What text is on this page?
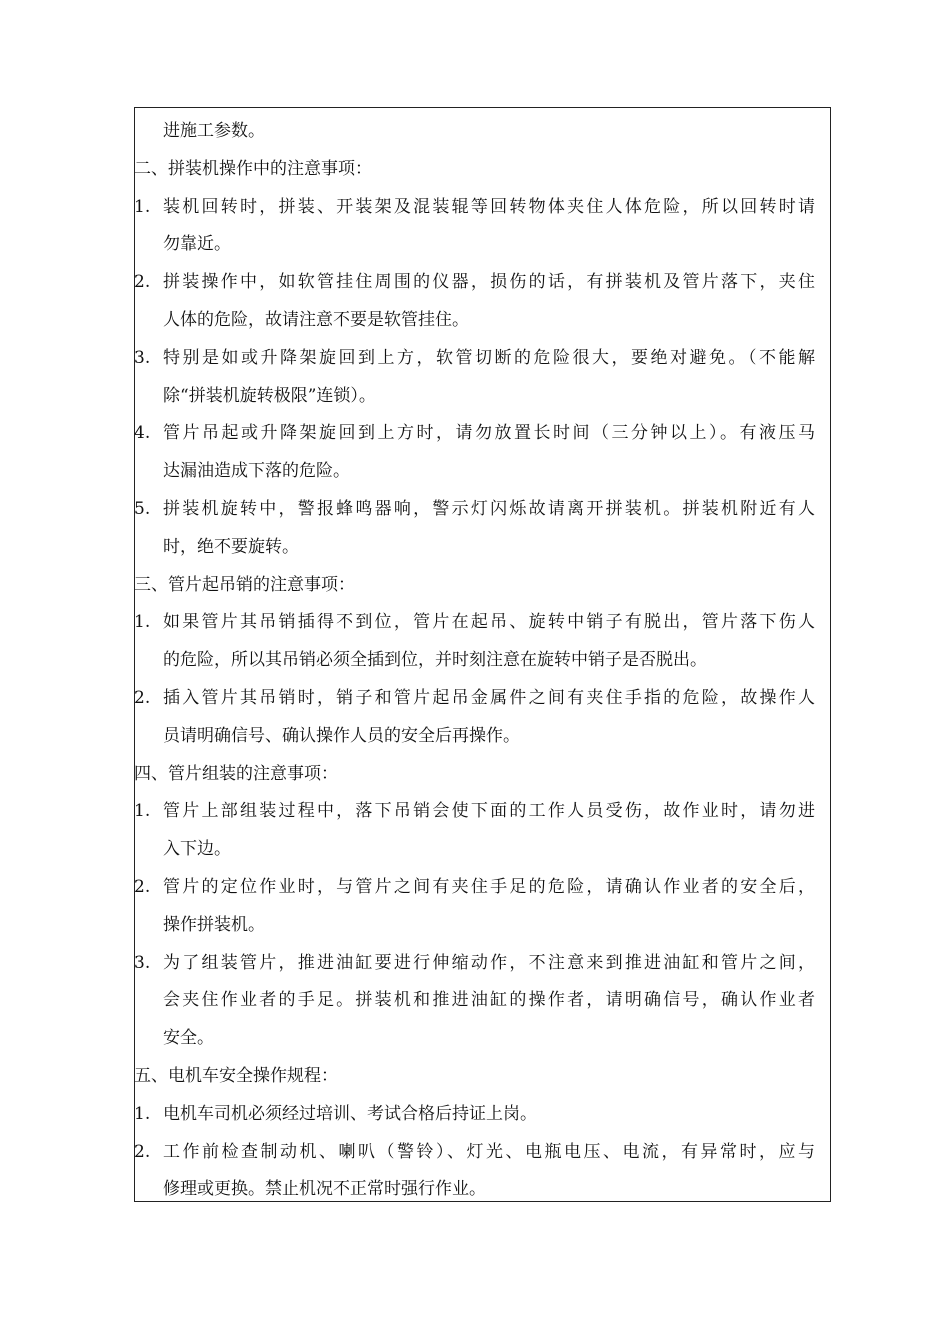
进施工参数。
二、拼装机操作中的注意事项：
1. 装机回转时，拼装、开装架及混装辊等回转物体夹住人体危险，所以回转时请
勿靠近。
2. 拼装操作中，如软管挂住周围的仪器，损伤的话，有拼装机及管片落下，夹住
人体的危险，故请注意不要是软管挂住。
3. 特别是如或升降架旋回到上方，软管切断的危险很大，要绝对避免。（不能解
除“拼装机旋转极限”连锁）。
4. 管片吊起或升降架旋回到上方时，请勿放置长时间（三分钟以上）。有液压马
达漏油造成下落的危险。
5. 拼装机旋转中，警报蜂鸣器响，警示灯闪烁故请离开拼装机。拼装机附近有人
时，绝不要旋转。
三、管片起吊销的注意事项：
1. 如果管片其吊销插得不到位，管片在起吊、旋转中销子有脱出，管片落下伤人
的危险，所以其吊销必须全插到位，并时刻注意在旋转中销子是否脱出。
2. 插入管片其吊销时，销子和管片起吊金属件之间有夹住手指的危险，故操作人
员请明确信号、确认操作人员的安全后再操作。
四、管片组装的注意事项：
1. 管片上部组装过程中，落下吊销会使下面的工作人员受伤，故作业时，请勿进
入下边。
2. 管片的定位作业时，与管片之间有夹住手足的危险，请确认作业者的安全后，
操作拼装机。
3. 为了组装管片，推进油缸要进行伸缩动作，不注意来到推进油缸和管片之间，
会夹住作业者的手足。拼装机和推进油缸的操作者，请明确信号，确认作业者
安全。
五、电机车安全操作规程：
1. 电机车司机必须经过培训、考试合格后持证上岗。
2. 工作前检查制动机、喇叭（警铃）、灯光、电瓶电压、电流，有异常时，应与
修理或更换。禁止机况不正常时强行作业。
